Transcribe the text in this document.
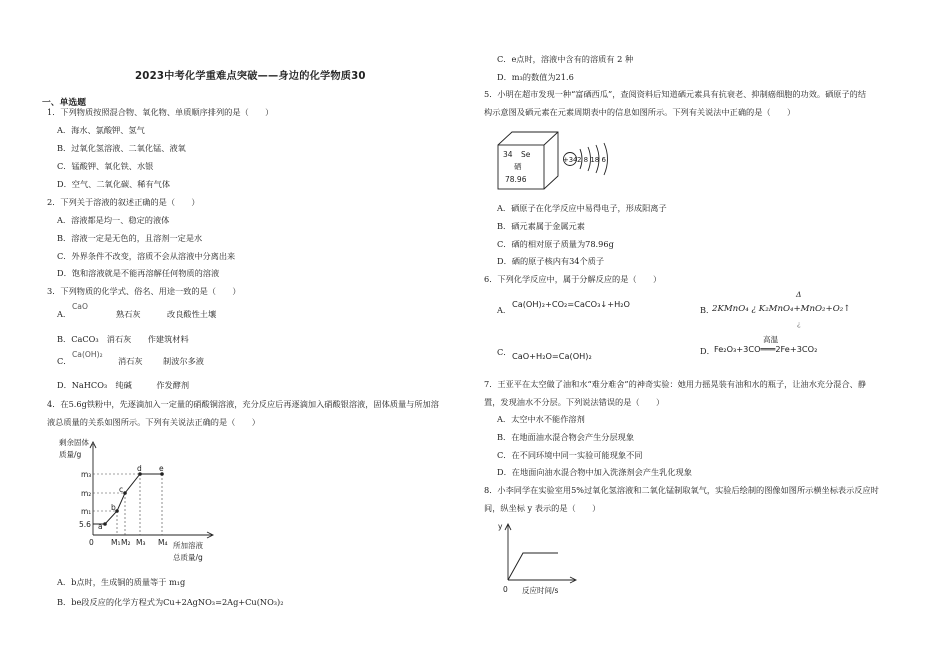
2023中考化学重难点突破——身边的化学物质30
一、单选题
1．下列物质按照混合物、氧化物、单质顺序排列的是（　　）
A．海水、氯酸钾、氢气
B．过氧化氢溶液、二氧化锰、液氧
C．锰酸钾、氧化铁、水银
D．空气、二氧化碳、稀有气体
2．下列关于溶液的叙述正确的是（　　）
A．溶液都是均一、稳定的液体
B．溶液一定是无色的，且溶剂一定是水
C．外界条件不改变，溶质不会从溶液中分离出来
D．饱和溶液就是不能再溶解任何物质的溶液
3．下列物质的化学式、俗名、用途一致的是（　　）
A．
CaO
熟石灰	改良酸性土壤
B．CaCO₃　消石灰　　作建筑材料
C．
Ca(OH)₂
消石灰 制波尔多液
D．NaHCO₃　纯碱　　　作发酵剂
4．在5.6g铁粉中，先逐滴加入一定量的硝酸铜溶液，充分反应后再逐滴加入硝酸银溶液，固体质量与所加溶
液总质量的关系如图所示。下列有关说法正确的是（　　）
剩余固体
质量/g
m₃
m₂
m₁
5.6
0 M₁ M₂ M₃ M₄ 所加溶液
总质量/g
a
b
c
d e
A．b点时，生成铜的质量等于 m₁g
B．be段反应的化学方程式为Cu+2AgNO₃=2Ag+Cu(NO₃)₂
C．e点时，溶液中含有的溶质有 2 种
D．m₃的数值为21.6
5．小明在超市发现一种“富硒西瓜”，查阅资料后知道硒元素具有抗衰老、抑制癌细胞的功效。硒原子的结
构示意图及硒元素在元素周期表中的信息如图所示。下列有关说法中正确的是（　　）
34 Se
硒
78.96
+34 2 8 18 6
A．硒原子在化学反应中易得电子，形成阳离子
B．硒元素属于金属元素
C．硒的相对原子质量为78.96g
D．硒的原子核内有34个质子
6．下列化学反应中，属于分解反应的是（　　）
A．
Ca(OH)₂+CO₂=CaCO₃↓+H₂O
B．
Δ
¿
2KMnO₄ ¿ K₂MnO₄+MnO₂+O₂↑
C． CaO+H₂O=Ca(OH)₂	D．
高温
Fe₂O₃+3CO═══2Fe+3CO₂
7．王亚平在太空做了油和水“难分难舍”的神奇实验：她用力摇晃装有油和水的瓶子，让油水充分混合、静
置，发现油水不分层。下列说法错误的是（　　）
A．太空中水不能作溶剂
B．在地面油水混合物会产生分层现象
C．在不同环境中同一实验可能现象不同
D．在地面向油水混合物中加入洗涤剂会产生乳化现象
8．小李同学在实验室用5%过氧化氢溶液和二氧化锰制取氧气，实验后绘制的图像如图所示横坐标表示反应时
间，纵坐标 y 表示的是（　　）
y
0 反应时间/s
